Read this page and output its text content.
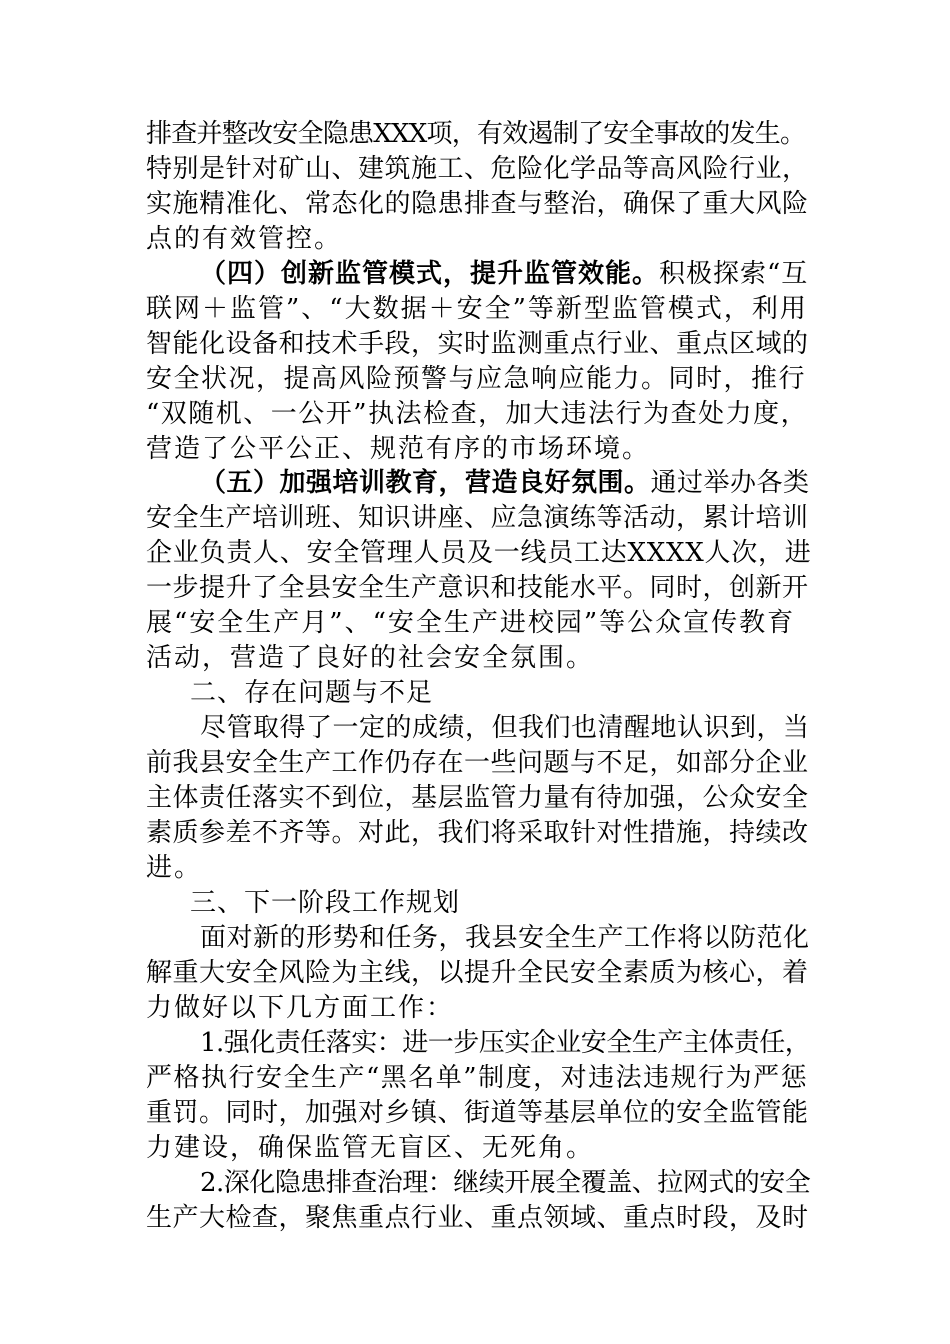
排查并整改安全隐患XXX项，有效遏制了安全事故的发生。
特别是针对矿山、建筑施工、危险化学品等高风险行业，
实施精准化、常态化的隐患排查与整治，确保了重大风险
点的有效管控。
（四）创新监管模式，提升监管效能。积极探索“互
联网＋监管”、“大数据＋安全”等新型监管模式，利用
智能化设备和技术手段，实时监测重点行业、重点区域的
安全状况，提高风险预警与应急响应能力。同时，推行
“双随机、一公开”执法检查，加大违法行为查处力度，
营造了公平公正、规范有序的市场环境。
（五）加强培训教育，营造良好氛围。通过举办各类
安全生产培训班、知识讲座、应急演练等活动，累计培训
企业负责人、安全管理人员及一线员工达XXXX人次，进
一步提升了全县安全生产意识和技能水平。同时，创新开
展“安全生产月”、“安全生产进校园”等公众宣传教育
活动，营造了良好的社会安全氛围。
二、存在问题与不足
尽管取得了一定的成绩，但我们也清醒地认识到，当
前我县安全生产工作仍存在一些问题与不足，如部分企业
主体责任落实不到位，基层监管力量有待加强，公众安全
素质参差不齐等。对此，我们将采取针对性措施，持续改
进。
三、下一阶段工作规划
面对新的形势和任务，我县安全生产工作将以防范化
解重大安全风险为主线，以提升全民安全素质为核心，着
力做好以下几方面工作：
1.强化责任落实：进一步压实企业安全生产主体责任，
严格执行安全生产“黑名单”制度，对违法违规行为严惩
重罚。同时，加强对乡镇、街道等基层单位的安全监管能
力建设，确保监管无盲区、无死角。
2.深化隐患排查治理：继续开展全覆盖、拉网式的安全
生产大检查，聚焦重点行业、重点领域、重点时段，及时
